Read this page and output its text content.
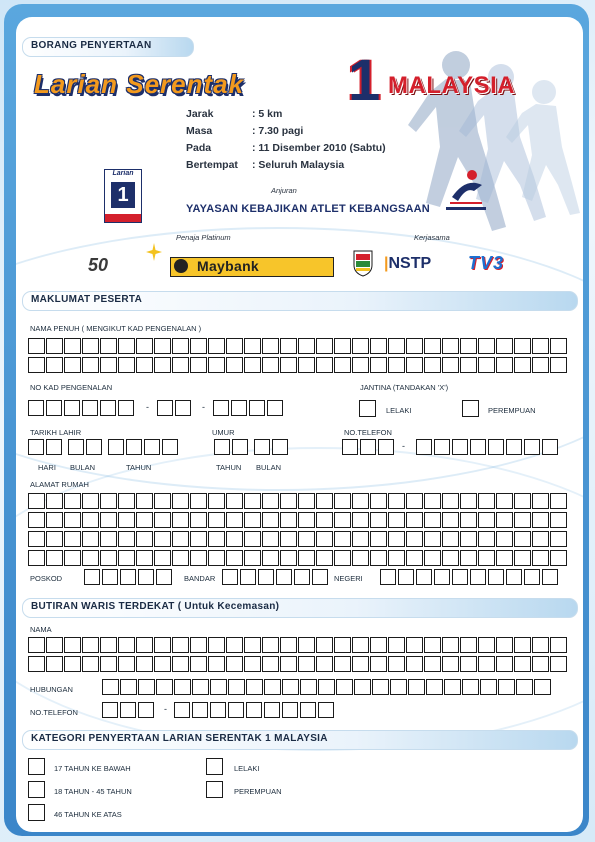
BORANG PENYERTAAN
Larian Serentak 1 MALAYSIA
Larian
1
Jarak	: 5 km
Masa	: 7.30 pagi
Pada	: 11 Disember 2010 (Sabtu)
Bertempat : Seluruh Malaysia
Anjuran
YAYASAN KEBAJIKAN ATLET KEBANGSAAN
Penaja Platinum	Kerjasama
50	Maybank	|NSTP TV3
MAKLUMAT PESERTA
NAMA PENUH ( MENGIKUT KAD PENGENALAN )
NO KAD PENGENALAN	JANTINA (TANDAKAN 'X')
-	-	LELAKI	PEREMPUAN
TARIKH LAHIR	UMUR	NO.TELEFON
-
HARI BULAN	TAHUN	TAHUN BULAN
ALAMAT RUMAH
POSKOD	BANDAR	NEGERI
BUTIRAN WARIS TERDEKAT ( Untuk Kecemasan)
NAMA
HUBUNGAN
NO.TELEFON	-
KATEGORI PENYERTAAN LARIAN SERENTAK 1 MALAYSIA
17 TAHUN KE BAWAH
18 TAHUN - 45 TAHUN
46 TAHUN KE ATAS
LELAKI
PEREMPUAN
